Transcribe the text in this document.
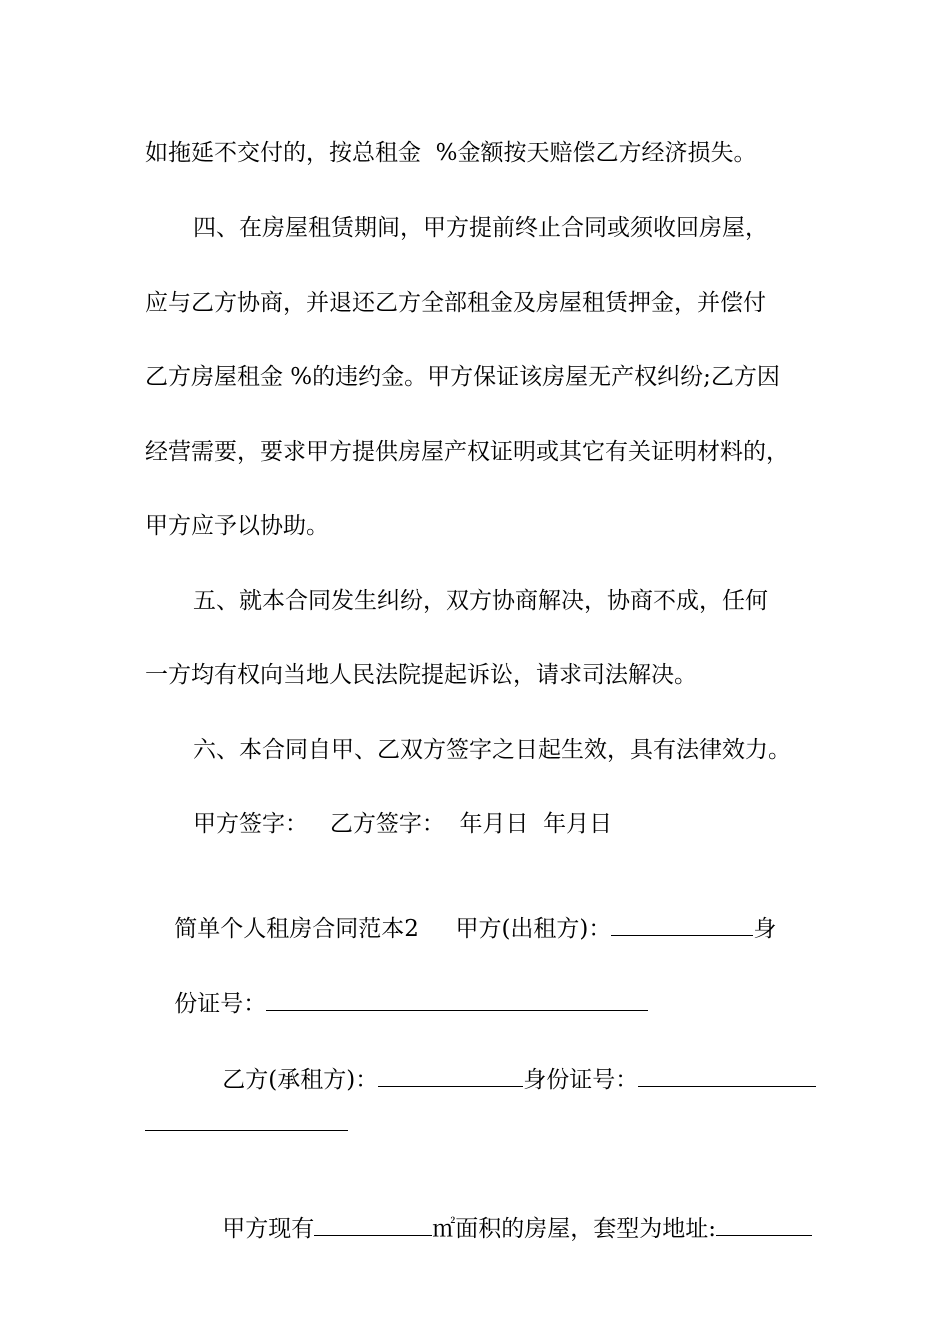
如拖延不交付的，按总租金  %金额按天赔偿乙方经济损失。
四、在房屋租赁期间，甲方提前终止合同或须收回房屋，
应与乙方协商，并退还乙方全部租金及房屋租赁押金，并偿付
乙方房屋租金 %的违约金。甲方保证该房屋无产权纠纷;乙方因
经营需要，要求甲方提供房屋产权证明或其它有关证明材料的，
甲方应予以协助。
五、就本合同发生纠纷，双方协商解决，协商不成，任何
一方均有权向当地人民法院提起诉讼，请求司法解决。
六、本合同自甲、乙双方签字之日起生效，具有法律效力。
甲方签字：   乙方签字：  年月日  年月日

简单个人租房合同范本2     甲方(出租方)：	身

份证号：

乙方(承租方)：	身份证号：

甲方现有	㎡面积的房屋，套型为地址:
